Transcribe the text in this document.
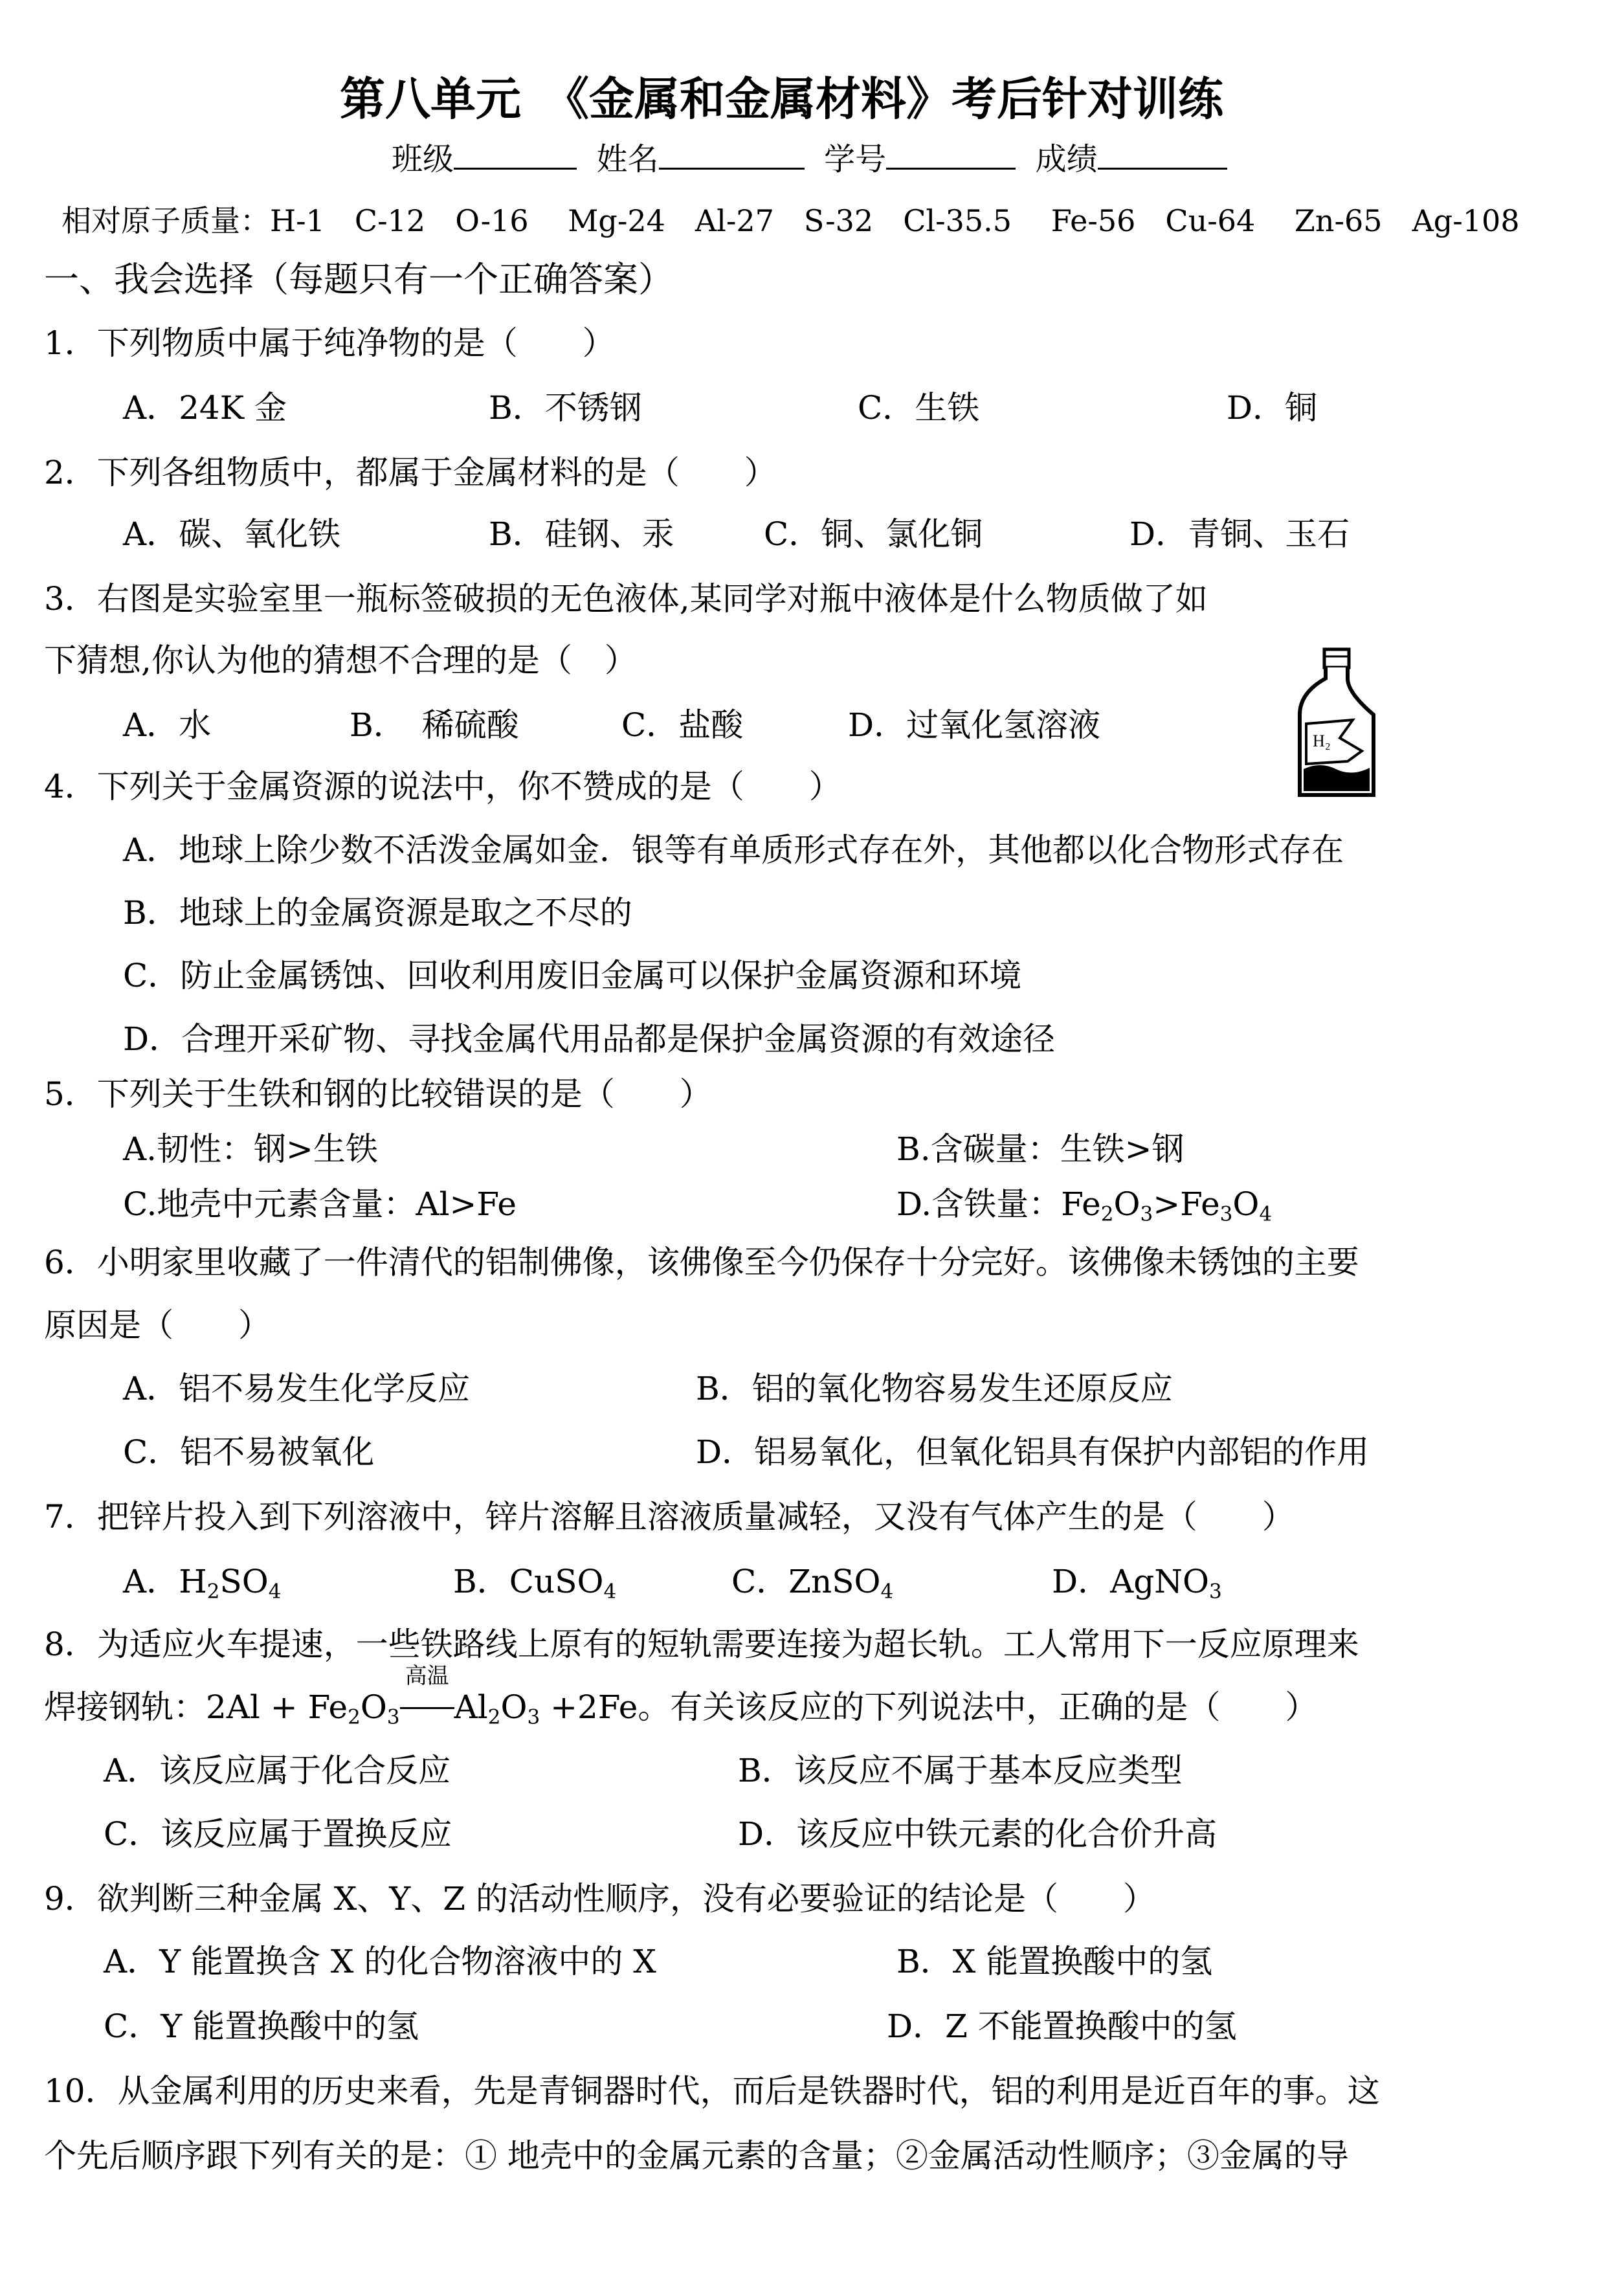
第八单元　《金属和金属材料》考后针对训练
班级	姓名	学号	成绩
相对原子质量：H-1　C-12　O-16　 Mg-24　Al-27　S-32　Cl-35.5　 Fe-56　Cu-64　 Zn-65　Ag-108
一、我会选择（每题只有一个正确答案）
1．下列物质中属于纯净物的是（　　）
A．24K 金	B．不锈钢	C．生铁	D．铜
2．下列各组物质中，都属于金属材料的是（　　）
A．碳、氧化铁	B．硅钢、汞	C．铜、氯化铜	D．青铜、玉石
3．右图是实验室里一瓶标签破损的无色液体,某同学对瓶中液体是什么物质做了如
下猜想,你认为他的猜想不合理的是（　）
A．水	B．　稀硫酸	C．盐酸	D．过氧化氢溶液	H₂
4．下列关于金属资源的说法中，你不赞成的是（　　）
A．地球上除少数不活泼金属如金．银等有单质形式存在外，其他都以化合物形式存在
B．地球上的金属资源是取之不尽的
C．防止金属锈蚀、回收利用废旧金属可以保护金属资源和环境
D．合理开采矿物、寻找金属代用品都是保护金属资源的有效途径
5．下列关于生铁和钢的比较错误的是（　　）
A.韧性：钢>生铁	B.含碳量：生铁>钢
C.地壳中元素含量：Al>Fe	D.含铁量：$Fe_2O_3>Fe_3O_4$
6．小明家里收藏了一件清代的铝制佛像，该佛像至今仍保存十分完好。该佛像未锈蚀的主要
原因是（　　）
A．铝不易发生化学反应	B．铝的氧化物容易发生还原反应
C．铝不易被氧化	D．铝易氧化，但氧化铝具有保护内部铝的作用
7．把锌片投入到下列溶液中，锌片溶解且溶液质量减轻，又没有气体产生的是（　　）
A．$H_2SO_4$	B．CuSO$_4$	C．ZnSO$_4$	D．AgNO$_3$
8．为适应火车提速，一些铁路线上原有的短轨需要连接为超长轨。工人常用下一反应原理来
焊接钢轨：$2Al + Fe_2O_3$
高温
$Al_2O_3 +2Fe$。有关该反应的下列说法中，正确的是（　　）
A．该反应属于化合反应	B．该反应不属于基本反应类型
C．该反应属于置换反应	D．该反应中铁元素的化合价升高
9．欲判断三种金属 X、Y、Z 的活动性顺序，没有必要验证的结论是（　　）
A．Y 能置换含 X 的化合物溶液中的 X	B．X 能置换酸中的氢
C．Y 能置换酸中的氢	D．Z 不能置换酸中的氢
10．从金属利用的历史来看，先是青铜器时代，而后是铁器时代，铝的利用是近百年的事。这
个先后顺序跟下列有关的是：① 地壳中的金属元素的含量；②金属活动性顺序；③金属的导
